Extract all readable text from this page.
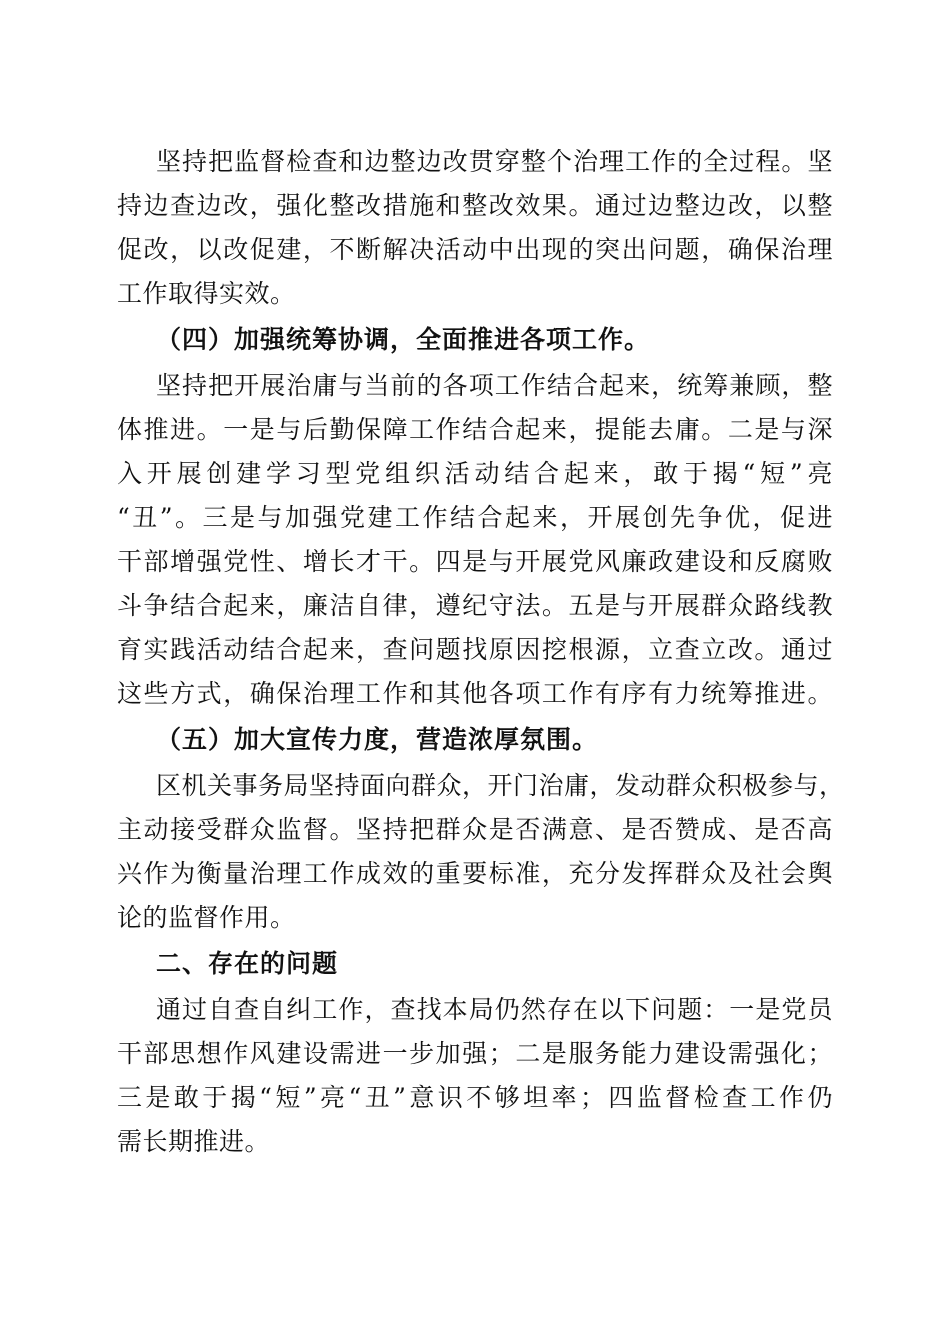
坚持把监督检查和边整边改贯穿整个治理工作的全过程。坚
持边查边改，强化整改措施和整改效果。通过边整边改，以整
促改，以改促建，不断解决活动中出现的突出问题，确保治理
工作取得实效。
（四）加强统筹协调，全面推进各项工作。
坚持把开展治庸与当前的各项工作结合起来，统筹兼顾，整
体推进。一是与后勤保障工作结合起来，提能去庸。二是与深
入开展创建学习型党组织活动结合起来，敢于揭“短”亮
“丑”。三是与加强党建工作结合起来，开展创先争优，促进
干部增强党性、增长才干。四是与开展党风廉政建设和反腐败
斗争结合起来，廉洁自律，遵纪守法。五是与开展群众路线教
育实践活动结合起来，查问题找原因挖根源，立查立改。通过
这些方式，确保治理工作和其他各项工作有序有力统筹推进。
（五）加大宣传力度，营造浓厚氛围。
区机关事务局坚持面向群众，开门治庸，发动群众积极参与，
主动接受群众监督。坚持把群众是否满意、是否赞成、是否高
兴作为衡量治理工作成效的重要标准，充分发挥群众及社会舆
论的监督作用。
二、存在的问题
通过自查自纠工作，查找本局仍然存在以下问题：一是党员
干部思想作风建设需进一步加强；二是服务能力建设需强化；
三是敢于揭“短”亮“丑”意识不够坦率；四监督检查工作仍
需长期推进。
